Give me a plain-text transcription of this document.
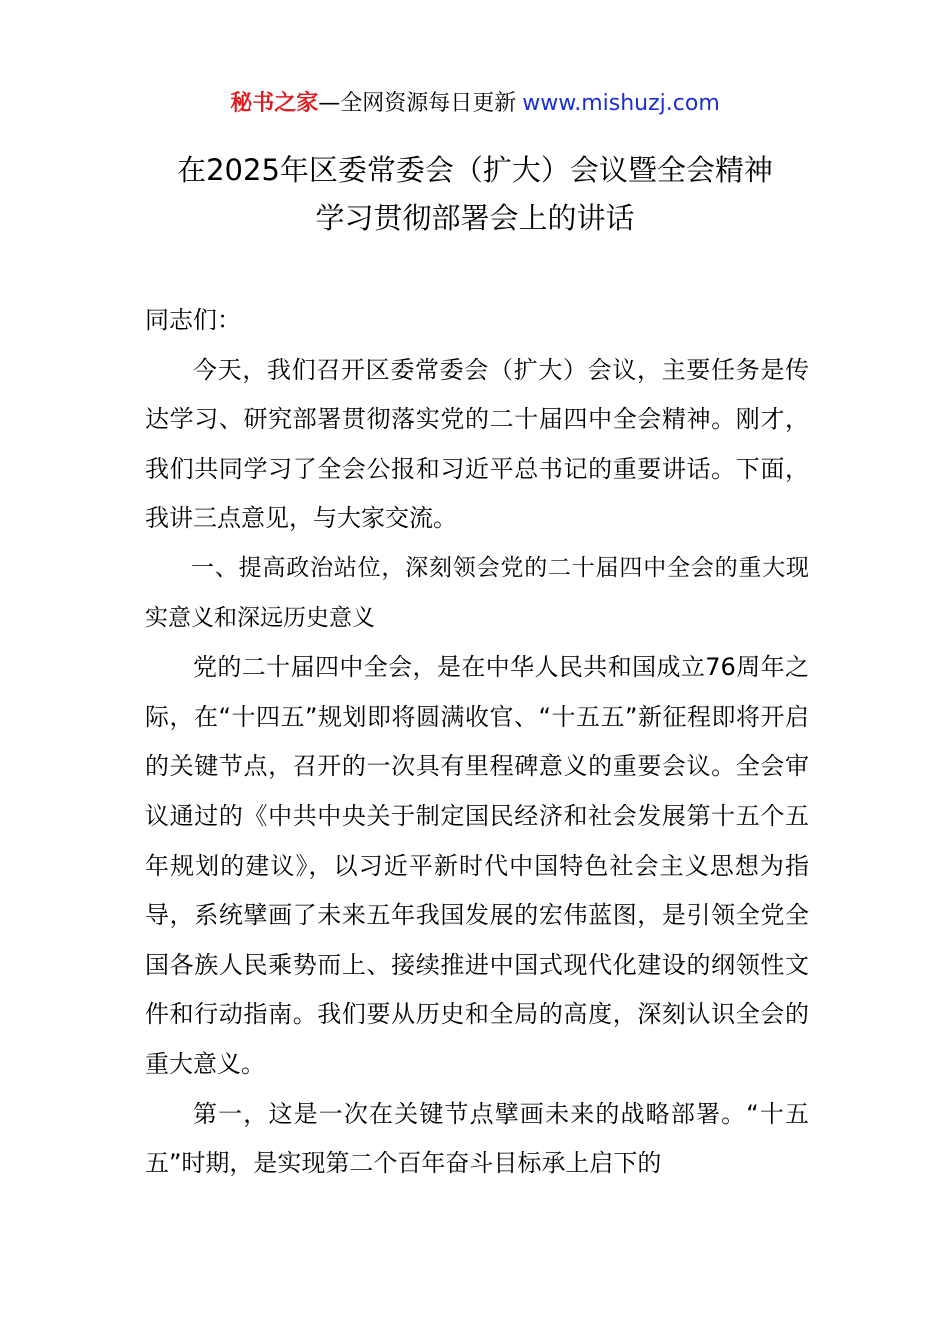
秘书之家—全网资源每日更新 www.mishuzj.com
在2025年区委常委会（扩大）会议暨全会精神
学习贯彻部署会上的讲话

同志们：

今天，我们召开区委常委会（扩大）会议，主要任务是传达学习、研究部署贯彻落实党的二十届四中全会精神。刚才，我们共同学习了全会公报和习近平总书记的重要讲话。下面，我讲三点意见，与大家交流。

一、提高政治站位，深刻领会党的二十届四中全会的重大现实意义和深远历史意义

党的二十届四中全会，是在中华人民共和国成立76周年之际，在“十四五”规划即将圆满收官、“十五五”新征程即将开启的关键节点，召开的一次具有里程碑意义的重要会议。全会审议通过的《中共中央关于制定国民经济和社会发展第十五个五年规划的建议》，以习近平新时代中国特色社会主义思想为指导，系统擘画了未来五年我国发展的宏伟蓝图，是引领全党全国各族人民乘势而上、接续推进中国式现代化建设的纲领性文件和行动指南。我们要从历史和全局的高度，深刻认识全会的重大意义。

第一，这是一次在关键节点擘画未来的战略部署。“十五五”时期，是实现第二个百年奋斗目标承上启下的
